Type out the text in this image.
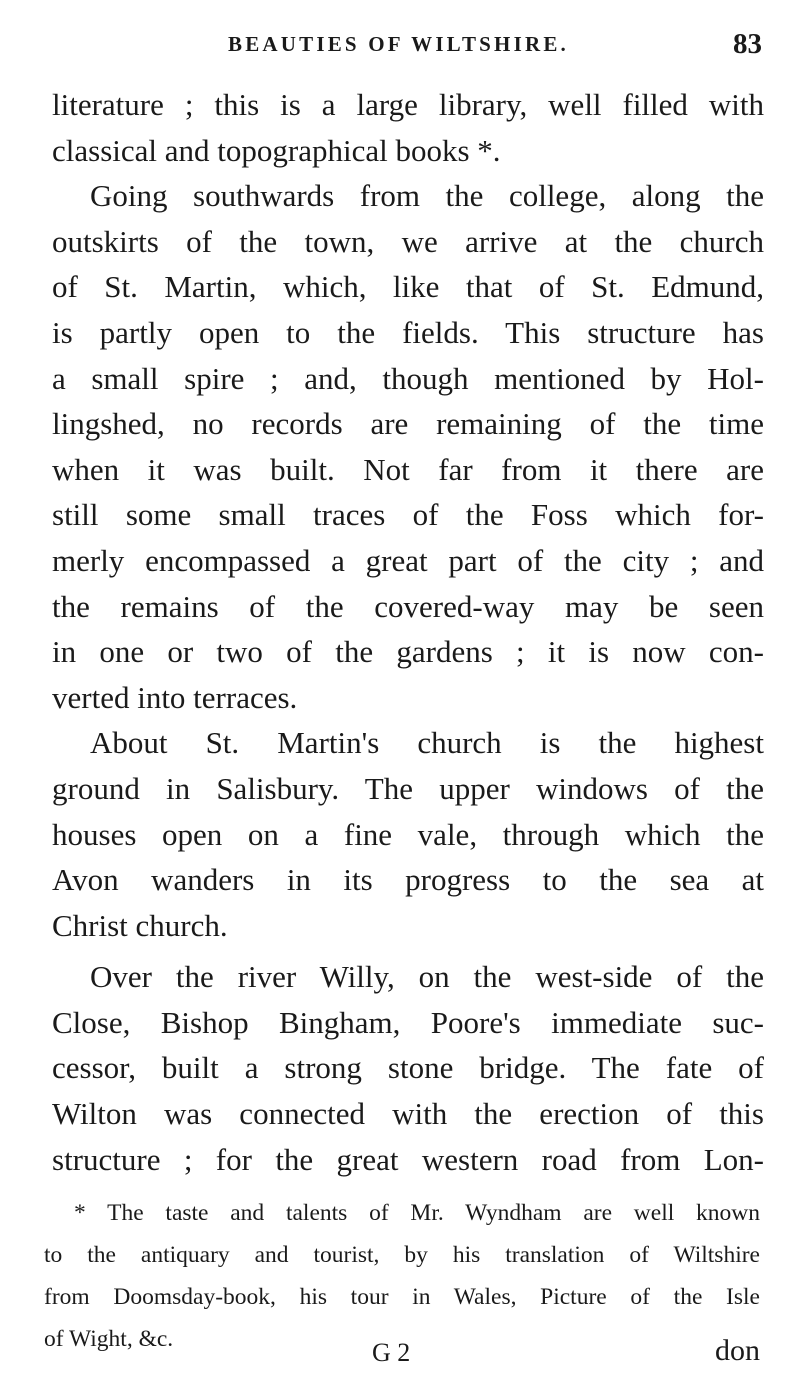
BEAUTIES OF WILTSHIRE.	83
literature ; this is a large library, well filled with
classical and topographical books *.
Going southwards from the college, along the
outskirts of the town, we arrive at the church
of St. Martin, which, like that of St. Edmund,
is partly open to the fields. This structure has
a small spire ; and, though mentioned by Hol-
lingshed, no records are remaining of the time
when it was built. Not far from it there are
still some small traces of the Foss which for-
merly encompassed a great part of the city ; and
the remains of the covered-way may be seen
in one or two of the gardens ; it is now con-
verted into terraces.
About St. Martin's church is the highest
ground in Salisbury. The upper windows of the
houses open on a fine vale, through which the
Avon wanders in its progress to the sea at
Christ church.
Over the river Willy, on the west-side of the
Close, Bishop Bingham, Poore's immediate suc-
cessor, built a strong stone bridge. The fate of
Wilton was connected with the erection of this
structure ; for the great western road from Lon-
* The taste and talents of Mr. Wyndham are well known
to the antiquary and tourist, by his translation of Wiltshire
from Doomsday-book, his tour in Wales, Picture of the Isle
of Wight, &c.	G 2	don
